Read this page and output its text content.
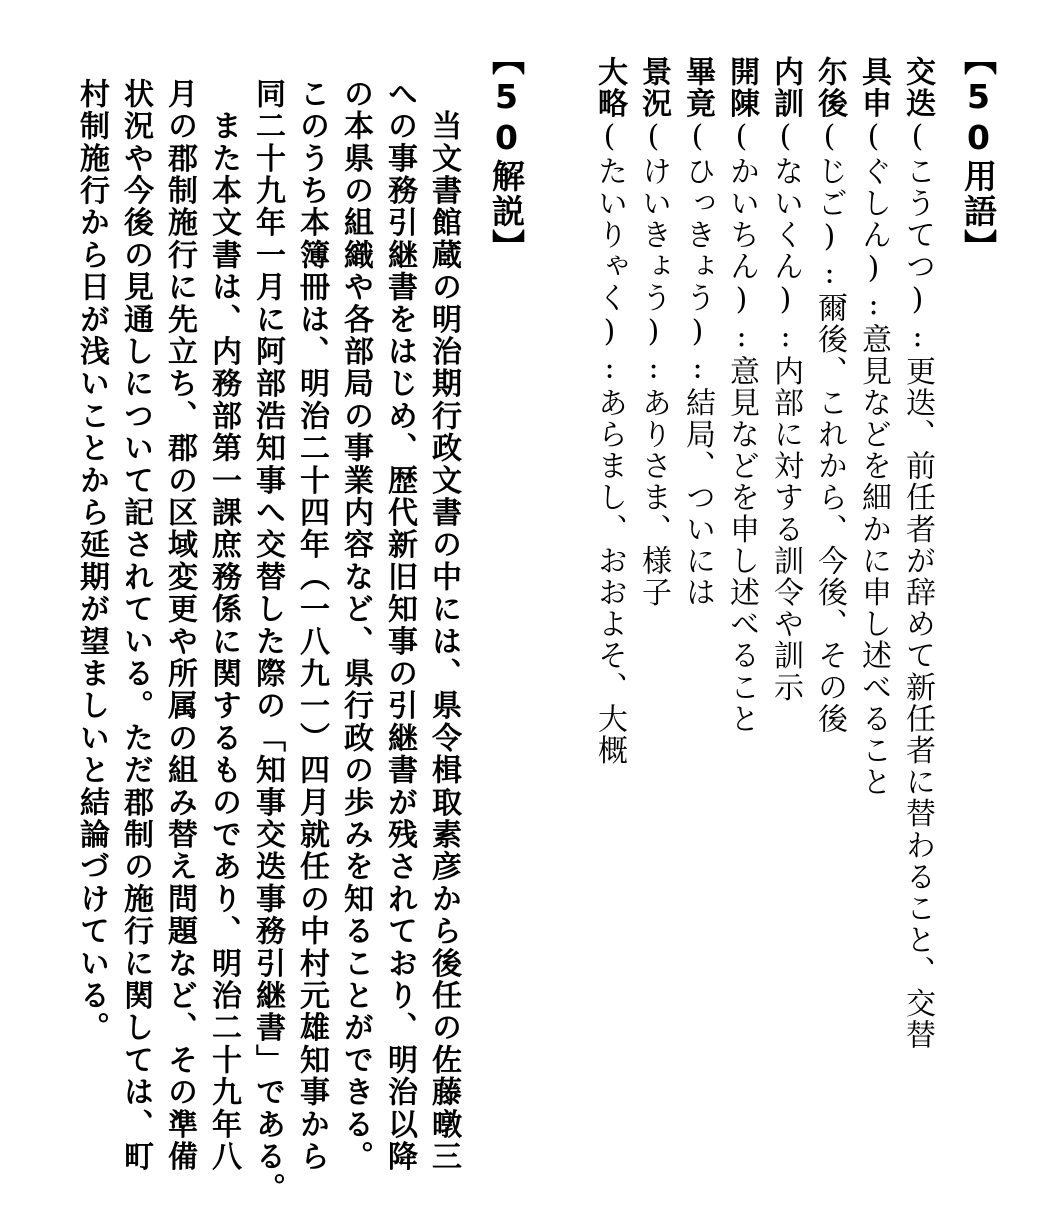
【50用語】
交迭(こうてつ):更迭、前任者が辞めて新任者に替わること、交替
具申(ぐしん):意見などを細かに申し述べること
尓後(じご):爾後、これから、今後、その後
内訓(ないくん):内部に対する訓令や訓示
開陳(かいちん):意見などを申し述べること
畢竟(ひっきょう):結局、ついには
景況(けいきょう):ありさま、様子
大略(たいりゃく):あらまし、おおよそ、大概
【50解説】
　当文書館蔵の明治期行政文書の中には、県令楫取素彦から後任の佐藤暾三
への事務引継書をはじめ、歴代新旧知事の引継書が残されており、明治以降
の本県の組織や各部局の事業内容など、県行政の歩みを知ることができる。
このうち本簿冊は、明治二十四年（一八九一）四月就任の中村元雄知事から
同二十九年一月に阿部浩知事へ交替した際の「知事交迭事務引継書」である。
　また本文書は、内務部第一課庶務係に関するものであり、明治二十九年八
月の郡制施行に先立ち、郡の区域変更や所属の組み替え問題など、その準備
状況や今後の見通しについて記されている。ただ郡制の施行に関しては、町
村制施行から日が浅いことから延期が望ましいと結論づけている。
